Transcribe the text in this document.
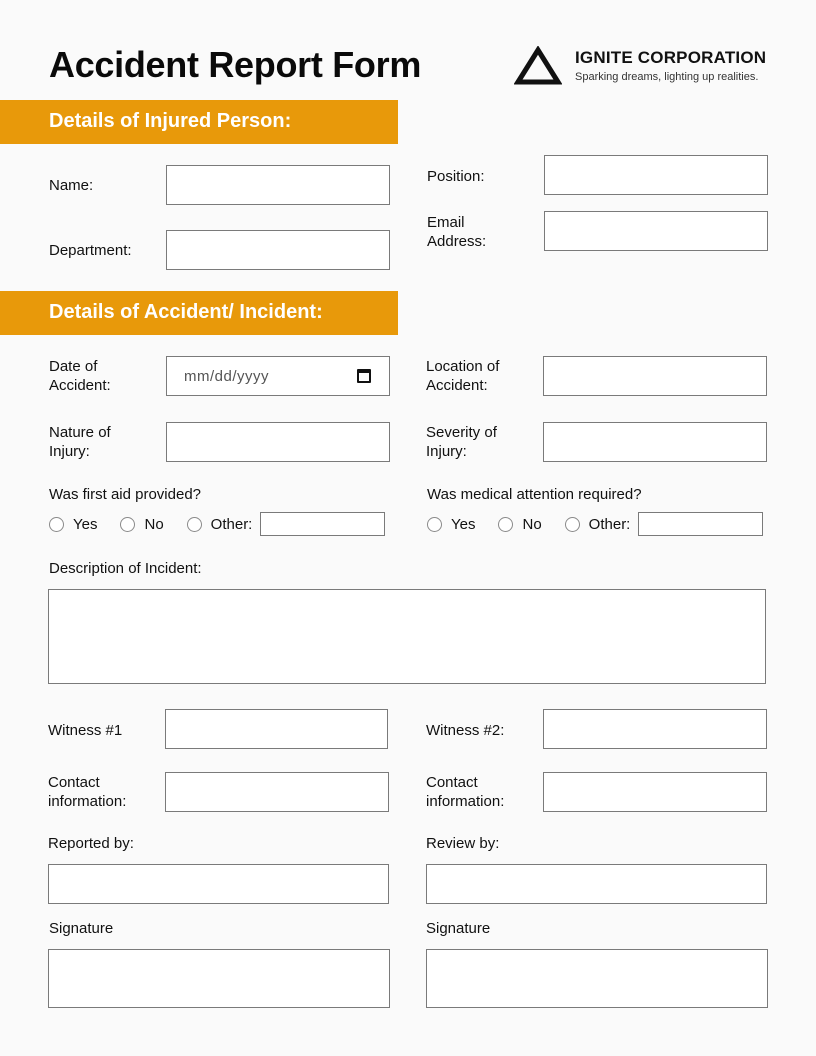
Accident Report Form	IGNITE CORPORATION
Sparking dreams, lighting up realities.
Details of Injured Person:
Name:
Position:
Email
Address:
Department:
Details of Accident/ Incident:
Date of
Accident:
mm/dd/yyyy
Location of
Accident:
Nature of
Injury:
Severity of
Injury:
Was first aid provided?
Yes	No	Other:
Was medical attention required?
Yes	No	Other:
Description of Incident:
Witness #1	Witness #2:
Contact
information:
Contact
information:
Reported by:	Review by:
Signature	Signature
